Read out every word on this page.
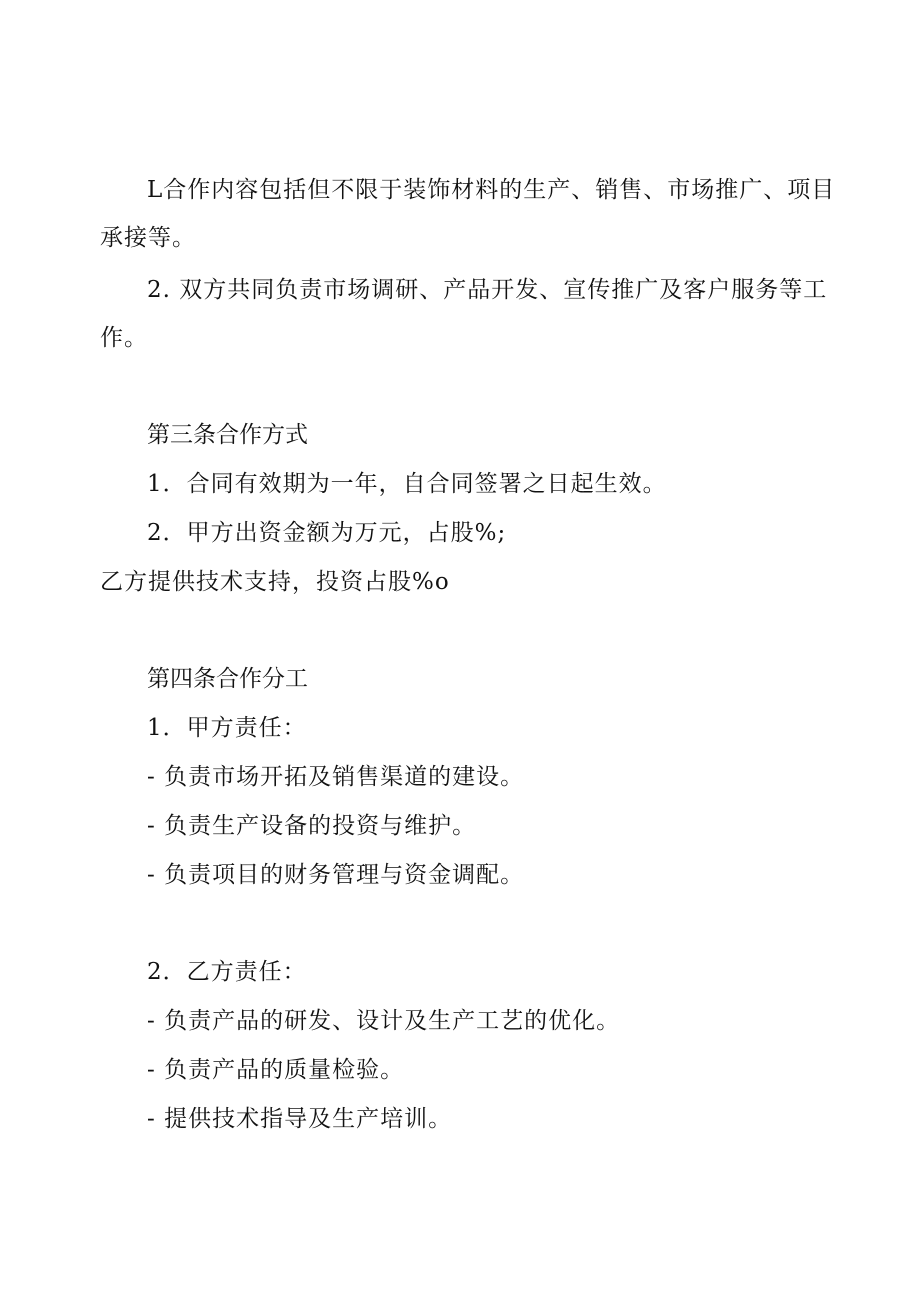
L合作内容包括但不限于装饰材料的生产、销售、市场推广、项目

承接等。

2. 双方共同负责市场调研、产品开发、宣传推广及客户服务等工

作。

第三条合作方式

1．合同有效期为一年，自合同签署之日起生效。

2．甲方出资金额为万元，占股%;

乙方提供技术支持，投资占股%o

第四条合作分工

1．甲方责任：

- 负责市场开拓及销售渠道的建设。

- 负责生产设备的投资与维护。

- 负责项目的财务管理与资金调配。

2．乙方责任：

- 负责产品的研发、设计及生产工艺的优化。

- 负责产品的质量检验。

- 提供技术指导及生产培训。
